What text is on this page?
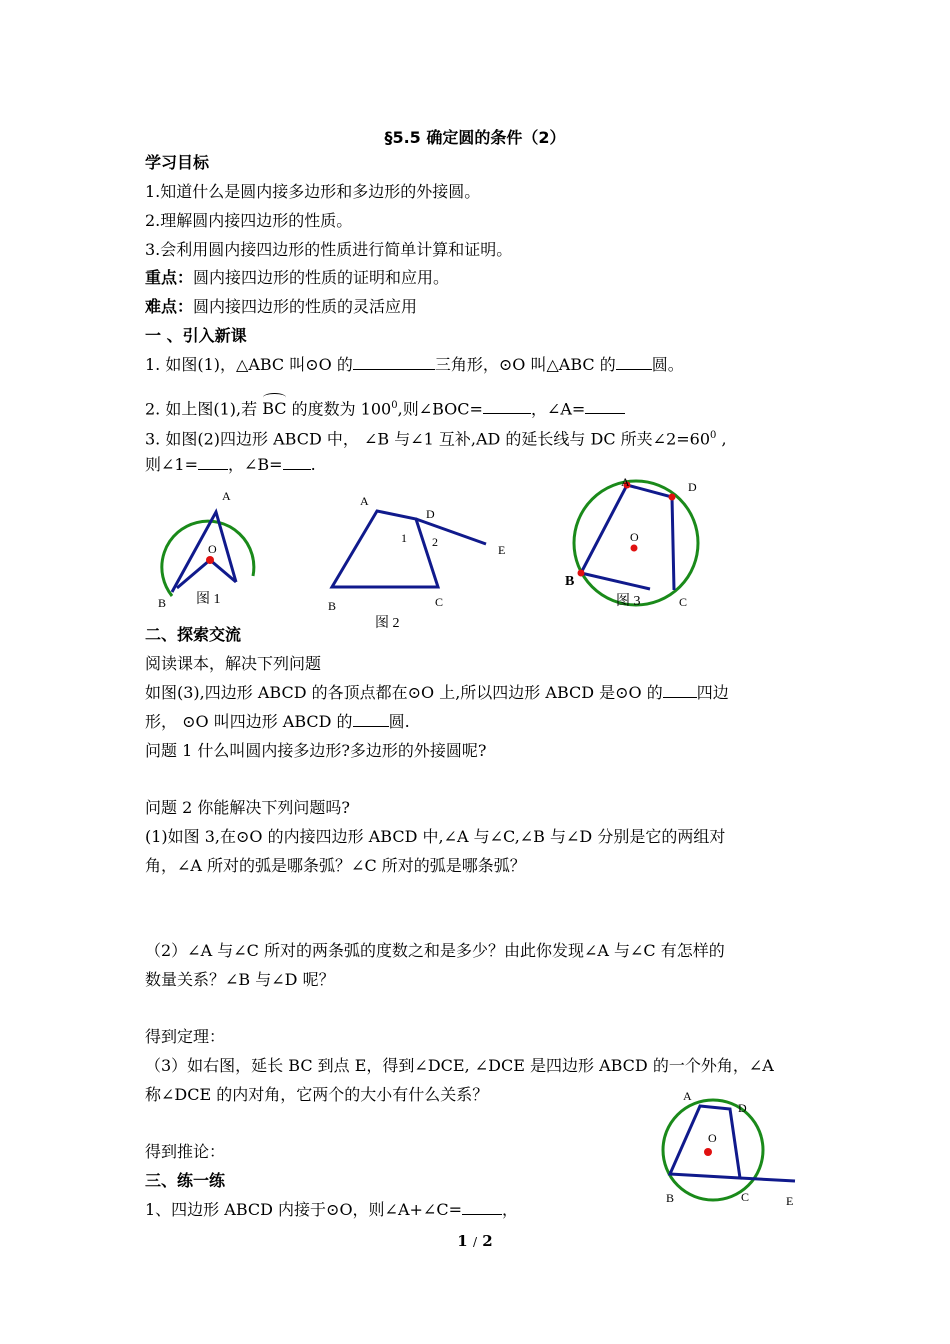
§5.5 确定圆的条件（2）
学习目标
1.知道什么是圆内接多边形和多边形的外接圆。
2.理解圆内接四边形的性质。
3.会利用圆内接四边形的性质进行简单计算和证明。
重点：圆内接四边形的性质的证明和应用。
难点：圆内接四边形的性质的灵活应用
一 、引入新课
1. 如图(1)，△ABC 叫⊙O 的	三角形，⊙O 叫△ABC 的 圆。
2. 如上图(1),若 BC 的度数为 $100^0$,则∠BOC=	，∠A=
3. 如图(2)四边形 ABCD 中， ∠B 与∠1 互补,AD 的延长线与 DC 所夹$\angle 2=60^0$ ,
则∠1= ，∠B= .
A
B
O
图 1
A
D
E
1 2
B	C
图 2
A	D
O
B
C
图 3
二、探索交流
阅读课本，解决下列问题
如图(3),四边形 ABCD 的各顶点都在⊙O 上,所以四边形 ABCD 是⊙O 的 四边
形， ⊙O 叫四边形 ABCD 的 圆.
问题 1 什么叫圆内接多边形?多边形的外接圆呢?
问题 2 你能解决下列问题吗?
(1)如图 3,在⊙O 的内接四边形 ABCD 中,∠A 与∠C,∠B 与∠D 分别是它的两组对
角，∠A 所对的弧是哪条弧？∠C 所对的弧是哪条弧？
（2）∠A 与∠C 所对的两条弧的度数之和是多少？由此你发现∠A 与∠C 有怎样的
数量关系？∠B 与∠D 呢？
得到定理：
（3）如右图，延长 BC 到点 E，得到∠DCE, ∠DCE 是四边形 ABCD 的一个外角，∠A
称∠DCE 的内对角，它两个的大小有什么关系？
得到推论：
A
D
O
B	C	E
三、练一练
1、四边形 ABCD 内接于⊙O，则∠A+∠C=	，
1 / 2
